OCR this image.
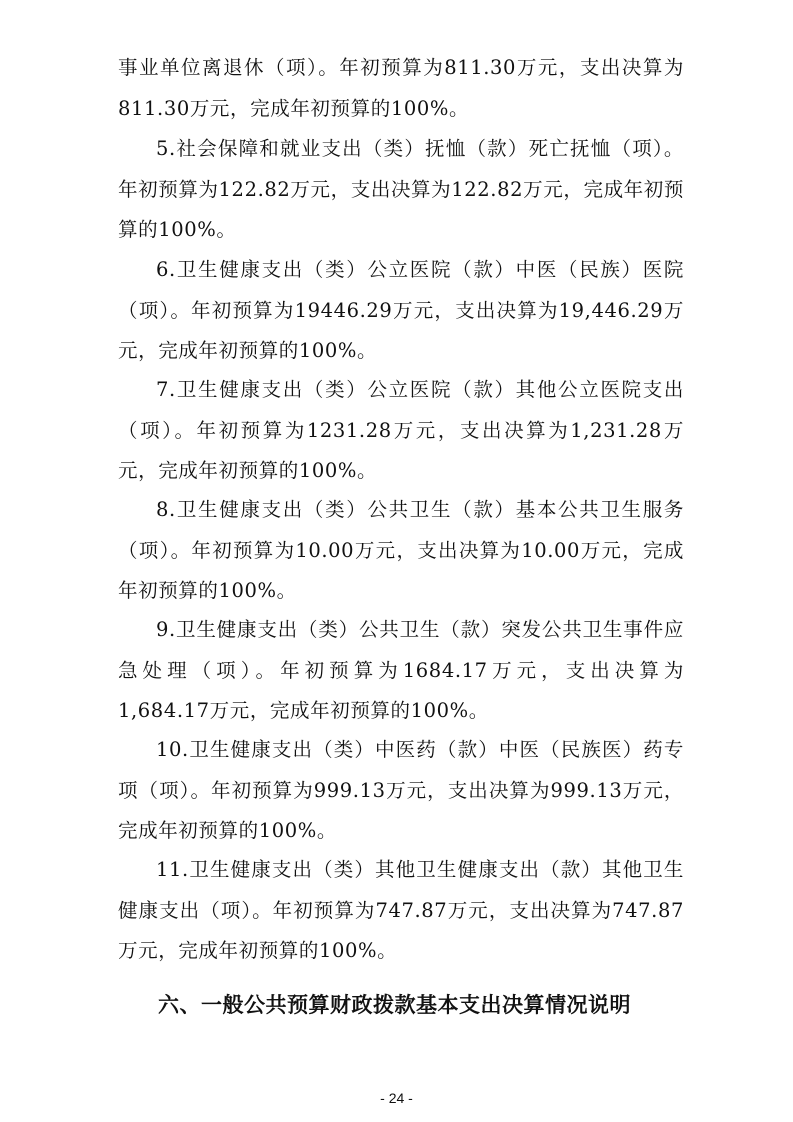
事业单位离退休（项）。年初预算为811.30万元，支出决算为811.30万元，完成年初预算的100%。

5.社会保障和就业支出（类）抚恤（款）死亡抚恤（项）。年初预算为122.82万元，支出决算为122.82万元，完成年初预算的100%。

6.卫生健康支出（类）公立医院（款）中医（民族）医院（项）。年初预算为19446.29万元，支出决算为19,446.29万元，完成年初预算的100%。

7.卫生健康支出（类）公立医院（款）其他公立医院支出（项）。年初预算为1231.28万元，支出决算为1,231.28万元，完成年初预算的100%。

8.卫生健康支出（类）公共卫生（款）基本公共卫生服务（项）。年初预算为10.00万元，支出决算为10.00万元，完成年初预算的100%。

9.卫生健康支出（类）公共卫生（款）突发公共卫生事件应急处理（项）。年初预算为1684.17万元，支出决算为1,684.17万元，完成年初预算的100%。

10.卫生健康支出（类）中医药（款）中医（民族医）药专项（项）。年初预算为999.13万元，支出决算为999.13万元，完成年初预算的100%。

11.卫生健康支出（类）其他卫生健康支出（款）其他卫生健康支出（项）。年初预算为747.87万元，支出决算为747.87万元，完成年初预算的100%。

六、一般公共预算财政拨款基本支出决算情况说明
- 24 -
